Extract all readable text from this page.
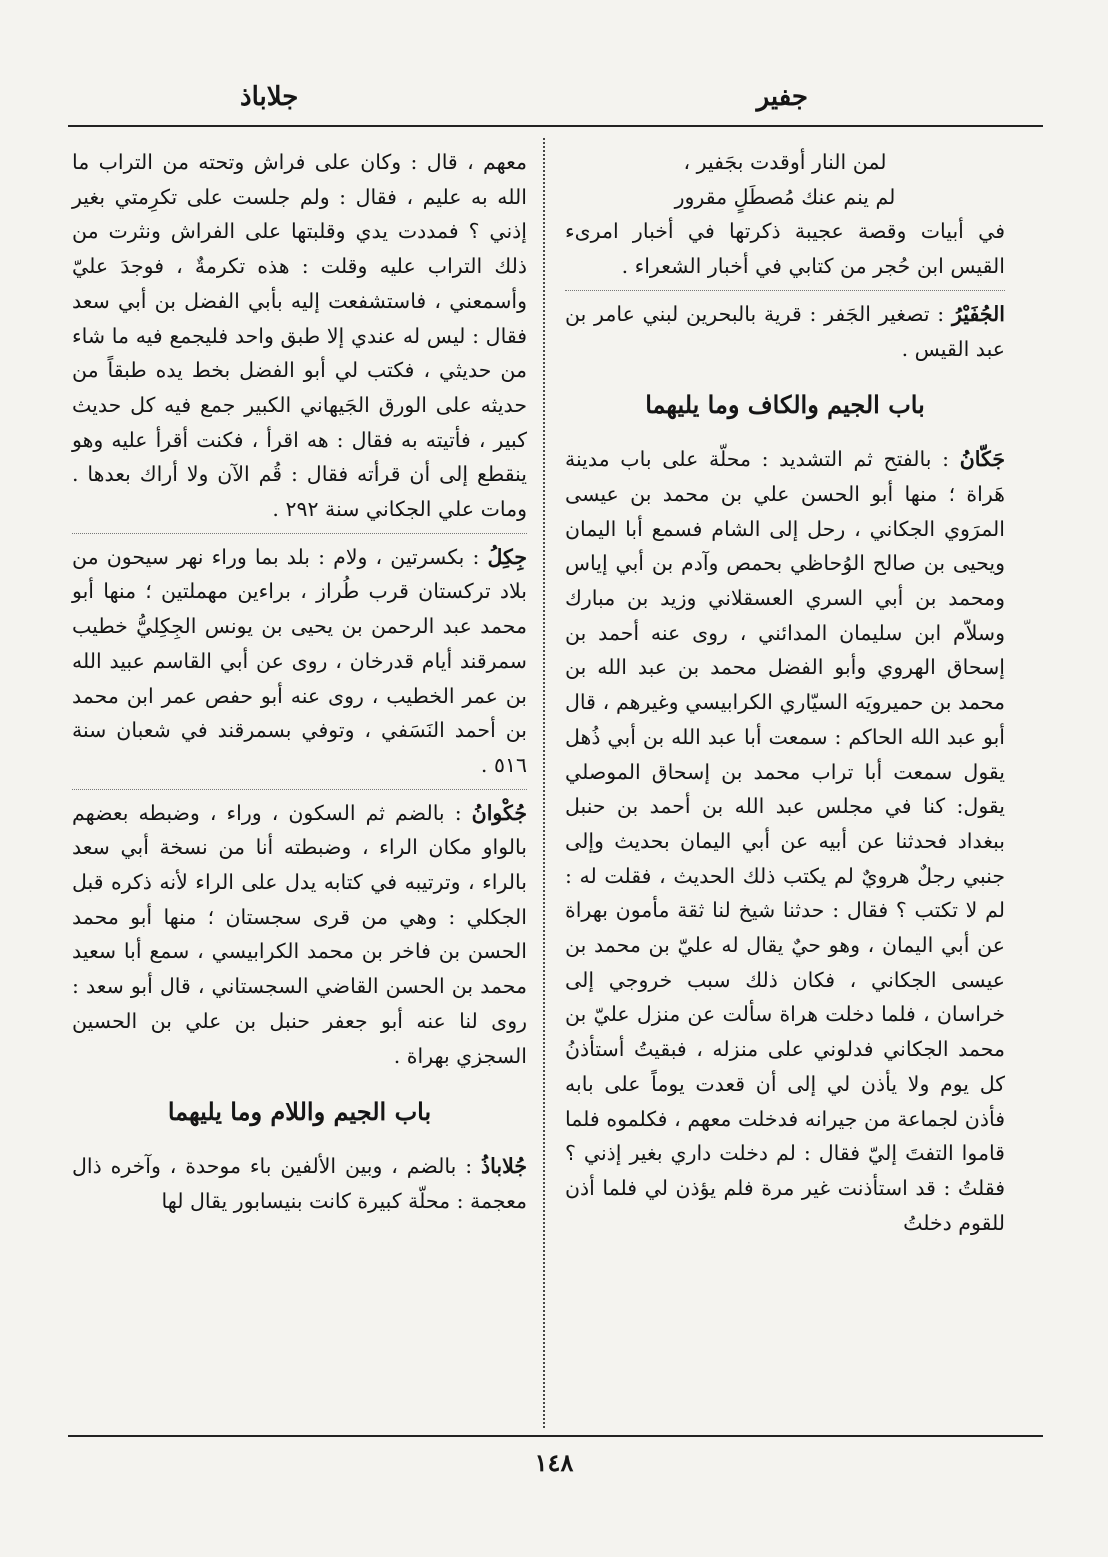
جفير
جلاباذ

لمن النار أوقدت بجَفير ،

لم ينم عنك مُصطَلٍ مقرور

في أبيات وقصة عجيبة ذكرتها في أخبار امرىء القيس ابن حُجر من كتابي في أخبار الشعراء .

الجُفَيْرُ : تصغير الجَفر : قرية بالبحرين لبني عامر بن عبد القيس .

باب الجيم والكاف وما يليهما

جَكّانُ : بالفتح ثم التشديد : محلّة على باب مدينة هَراة ؛ منها أبو الحسن علي بن محمد بن عيسى المرَوي الجكاني ، رحل إلى الشام فسمع أبا اليمان ويحيى بن صالح الوُحاظي بحمص وآدم بن أبي إياس ومحمد بن أبي السري العسقلاني وزيد بن مبارك وسلاّم ابن سليمان المدائني ، روى عنه أحمد بن إسحاق الهروي وأبو الفضل محمد بن عبد الله بن محمد بن حميرويَه السيّاري الكرابيسي وغيرهم ، قال أبو عبد الله الحاكم : سمعت أبا عبد الله بن أبي ذُهل يقول سمعت أبا تراب محمد بن إسحاق الموصلي يقول: كنا في مجلس عبد الله بن أحمد بن حنبل ببغداد فحدثنا عن أبيه عن أبي اليمان بحديث وإلى جنبي رجلٌ هرويٌ لم يكتب ذلك الحديث ، فقلت له : لم لا تكتب ؟ فقال : حدثنا شيخ لنا ثقة مأمون بهراة عن أبي اليمان ، وهو حيٌ يقال له عليّ بن محمد بن عيسى الجكاني ، فكان ذلك سبب خروجي إلى خراسان ، فلما دخلت هراة سألت عن منزل عليّ بن محمد الجكاني فدلوني على منزله ، فبقيتُ أستأذنُ كل يوم ولا يأذن لي إلى أن قعدت يوماً على بابه فأذن لجماعة من جيرانه فدخلت معهم ، فكلموه فلما قاموا التفتَ إليّ فقال : لم دخلت داري بغير إذني ؟ فقلتُ : قد استأذنت غير مرة فلم يؤذن لي فلما أذن للقوم دخلتُ

معهم ، قال : وكان على فراش وتحته من التراب ما الله به عليم ، فقال : ولم جلست على تكرِمتي بغير إذني ؟ فمددت يدي وقلبتها على الفراش ونثرت من ذلك التراب عليه وقلت : هذه تكرمةٌ ، فوجدَ عليّ وأسمعني ، فاستشفعت إليه بأبي الفضل بن أبي سعد فقال : ليس له عندي إلا طبق واحد فليجمع فيه ما شاء من حديثي ، فكتب لي أبو الفضل بخط يده طبقاً من حديثه على الورق الجَيهاني الكبير جمع فيه كل حديث كبير ، فأتيته به فقال : هه اقرأ ، فكنت أقرأ عليه وهو ينقطع إلى أن قرأته فقال : قُم الآن ولا أراك بعدها . ومات علي الجكاني سنة ٢٩٢ .

جِكِلُ : بكسرتين ، ولام : بلد بما وراء نهر سيحون من بلاد تركستان قرب طُراز ، براءين مهملتين ؛ منها أبو محمد عبد الرحمن بن يحيى بن يونس الجِكِليُّ خطيب سمرقند أيام قدرخان ، روى عن أبي القاسم عبيد الله بن عمر الخطيب ، روى عنه أبو حفص عمر ابن محمد بن أحمد النَسَفي ، وتوفي بسمرقند في شعبان سنة ٥١٦ .

جُكْوانُ : بالضم ثم السكون ، وراء ، وضبطه بعضهم بالواو مكان الراء ، وضبطته أنا من نسخة أبي سعد بالراء ، وترتيبه في كتابه يدل على الراء لأنه ذكره قبل الجكلي : وهي من قرى سجستان ؛ منها أبو محمد الحسن بن فاخر بن محمد الكرابيسي ، سمع أبا سعيد محمد بن الحسن القاضي السجستاني ، قال أبو سعد : روى لنا عنه أبو جعفر حنبل بن علي بن الحسين السجزي بهراة .

باب الجيم واللام وما يليهما

جُلاباذُ : بالضم ، وبين الألفين باء موحدة ، وآخره ذال معجمة : محلّة كبيرة كانت بنيسابور يقال لها

١٤٨
